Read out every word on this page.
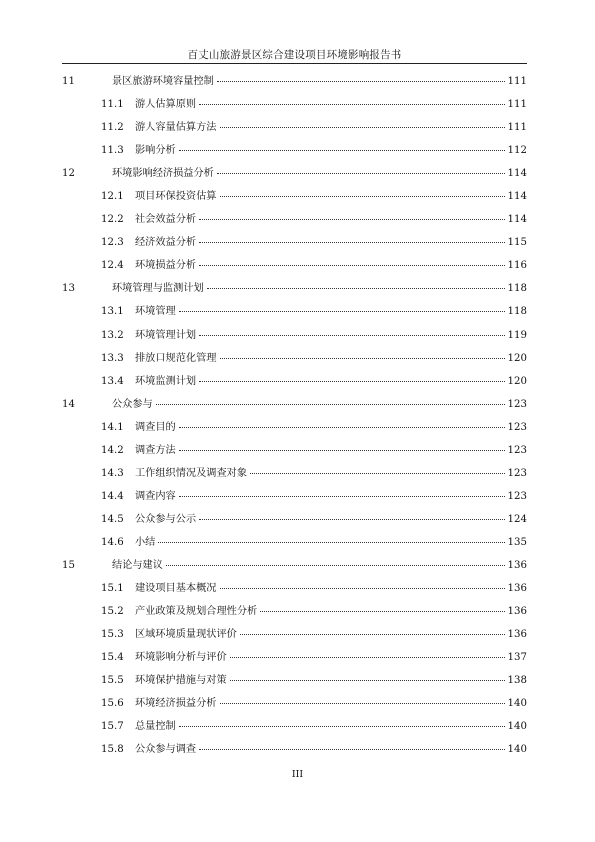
百丈山旅游景区综合建设项目环境影响报告书
11	景区旅游环境容量控制	111
11.1	游人估算原则	111
11.2	游人容量估算方法	111
11.3	影响分析	112
12	环境影响经济损益分析	114
12.1	项目环保投资估算	114
12.2	社会效益分析	114
12.3	经济效益分析	115
12.4	环境损益分析	116
13	环境管理与监测计划	118
13.1	环境管理	118
13.2	环境管理计划	119
13.3	排放口规范化管理	120
13.4	环境监测计划	120
14	公众参与	123
14.1	调查目的	123
14.2	调查方法	123
14.3	工作组织情况及调查对象	123
14.4	调查内容	123
14.5	公众参与公示	124
14.6	小结	135
15	结论与建议	136
15.1	建设项目基本概况	136
15.2	产业政策及规划合理性分析	136
15.3	区域环境质量现状评价	136
15.4	环境影响分析与评价	137
15.5	环境保护措施与对策	138
15.6	环境经济损益分析	140
15.7	总量控制	140
15.8	公众参与调查	140
III
